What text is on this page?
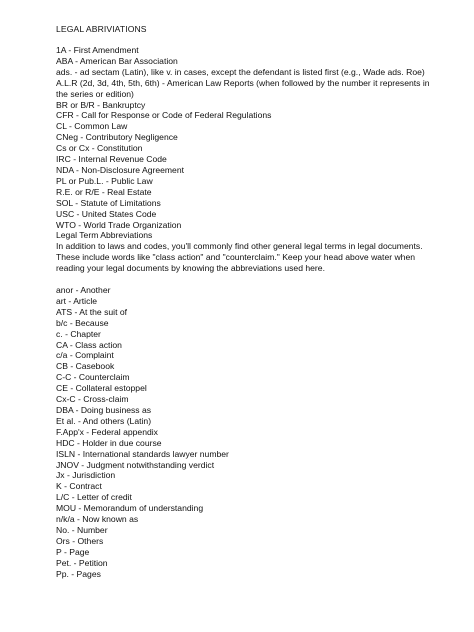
LEGAL ABRIVIATIONS
1A - First Amendment
ABA - American Bar Association
ads. - ad sectam (Latin), like v. in cases, except the defendant is listed first (e.g., Wade ads. Roe)
A.L.R (2d, 3d, 4th, 5th, 6th) - American Law Reports (when followed by the number it represents in the series or edition)
BR or B/R - Bankruptcy
CFR - Call for Response or Code of Federal Regulations
CL - Common Law
CNeg - Contributory Negligence
Cs or Cx - Constitution
IRC - Internal Revenue Code
NDA - Non-Disclosure Agreement
PL or Pub.L. - Public Law
R.E. or R/E - Real Estate
SOL - Statute of Limitations
USC - United States Code
WTO - World Trade Organization
Legal Term Abbreviations
In addition to laws and codes, you'll commonly find other general legal terms in legal documents. These include words like "class action" and "counterclaim." Keep your head above water when reading your legal documents by knowing the abbreviations used here.
anor - Another
art - Article
ATS - At the suit of
b/c - Because
c. - Chapter
CA - Class action
c/a - Complaint
CB - Casebook
C-C - Counterclaim
CE - Collateral estoppel
Cx-C - Cross-claim
DBA - Doing business as
Et al. - And others (Latin)
F.App'x - Federal appendix
HDC - Holder in due course
ISLN - International standards lawyer number
JNOV - Judgment notwithstanding verdict
Jx - Jurisdiction
K - Contract
L/C - Letter of credit
MOU - Memorandum of understanding
n/k/a - Now known as
No. - Number
Ors - Others
P - Page
Pet. - Petition
Pp. - Pages
